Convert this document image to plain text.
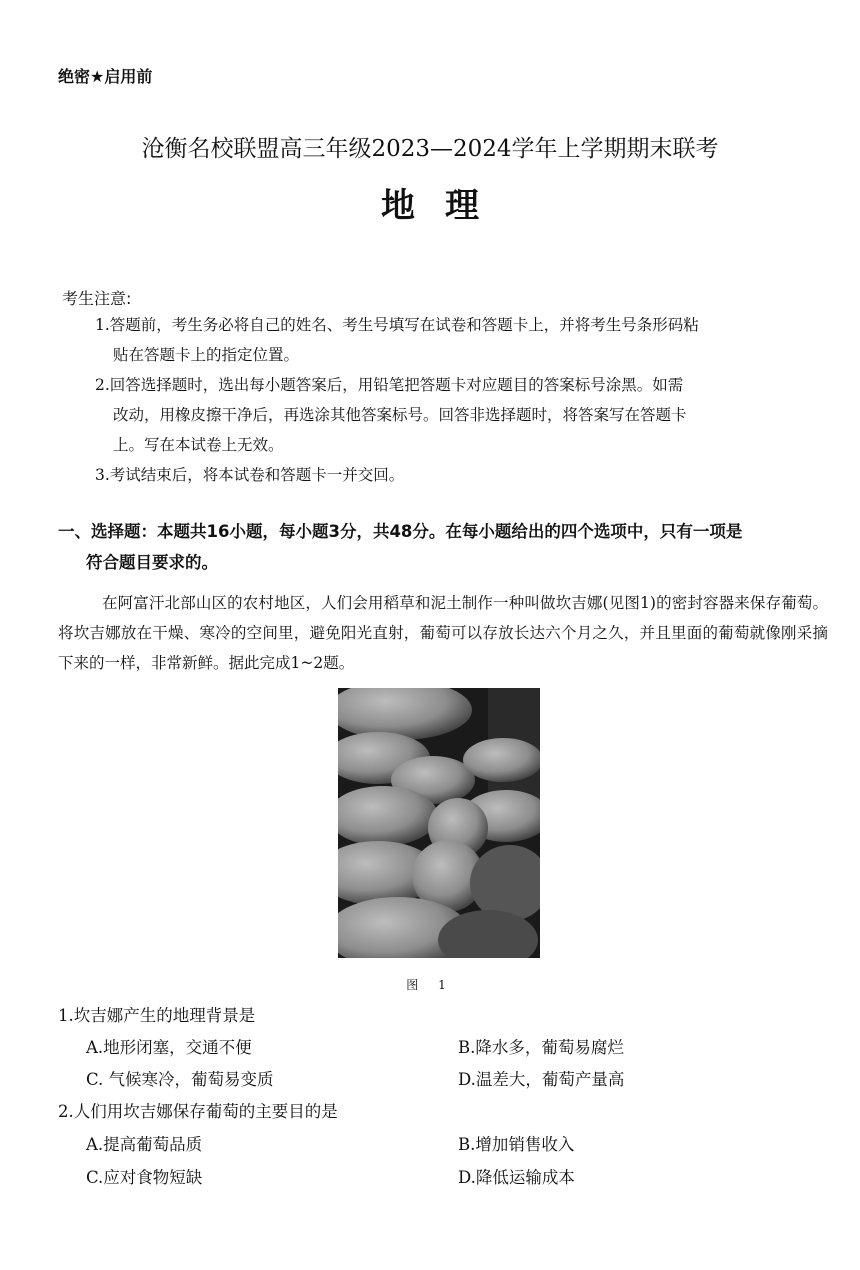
绝密★启用前
沧衡名校联盟高三年级2023—2024学年上学期期末联考
地理
考生注意:

1.答题前，考生务必将自己的姓名、考生号填写在试卷和答题卡上，并将考生号条形码粘

贴在答题卡上的指定位置。

2.回答选择题时，选出每小题答案后，用铅笔把答题卡对应题目的答案标号涂黑。如需

改动，用橡皮擦干净后，再选涂其他答案标号。回答非选择题时，将答案写在答题卡

上。写在本试卷上无效。

3.考试结束后，将本试卷和答题卡一并交回。

一、选择题：本题共16小题，每小题3分，共48分。在每小题给出的四个选项中，只有一项是
符合题目要求的。
在阿富汗北部山区的农村地区，人们会用稻草和泥土制作一种叫做坎吉娜(见图1)的密封容器来保存葡萄。将坎吉娜放在干燥、寒冷的空间里，避免阳光直射，葡萄可以存放长达六个月之久，并且里面的葡萄就像刚采摘下来的一样，非常新鲜。据此完成1~2题。
图 1
1.坎吉娜产生的地理背景是
A.地形闭塞，交通不便	B.降水多，葡萄易腐烂
C. 气候寒冷，葡萄易变质	D.温差大，葡萄产量高
2.人们用坎吉娜保存葡萄的主要目的是
A.提高葡萄品质	B.增加销售收入
C.应对食物短缺	D.降低运输成本
